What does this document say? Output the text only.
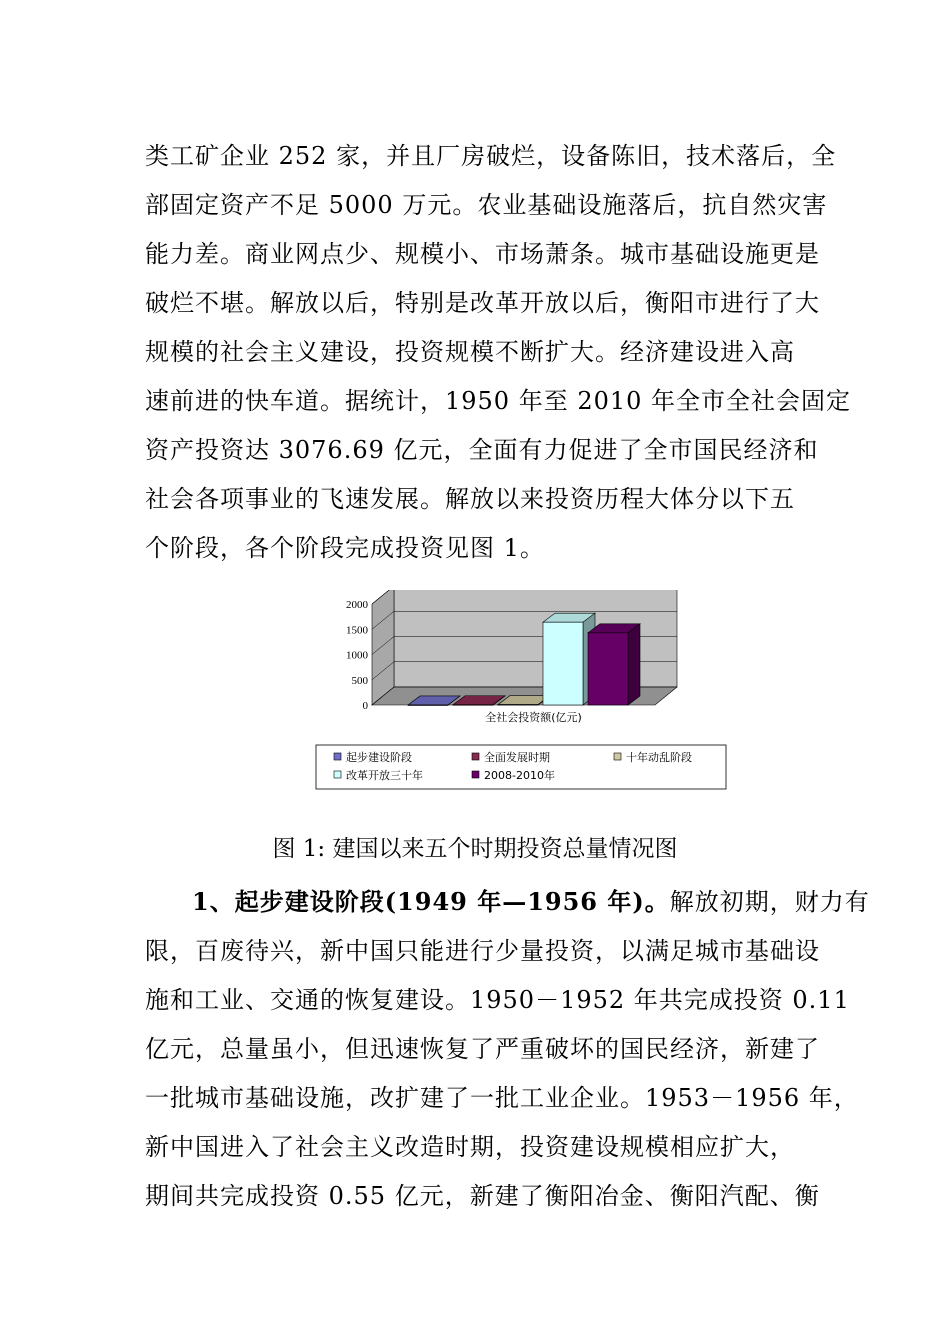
类工矿企业 252 家，并且厂房破烂，设备陈旧，技术落后，全
部固定资产不足 5000 万元。农业基础设施落后，抗自然灾害
能力差。商业网点少、规模小、市场萧条。城市基础设施更是
破烂不堪。解放以后，特别是改革开放以后，衡阳市进行了大
规模的社会主义建设，投资规模不断扩大。经济建设进入高
速前进的快车道。据统计，1950 年至 2010 年全市全社会固定
资产投资达 3076.69 亿元，全面有力促进了全市国民经济和
社会各项事业的飞速发展。解放以来投资历程大体分以下五
个阶段，各个阶段完成投资见图 1。
2000
1500
1000
500
0
全社会投资额(亿元)
起步建设阶段	全面发展时期	十年动乱阶段
改革开放三十年	2008-2010年
图 1: 建国以来五个时期投资总量情况图
1、起步建设阶段(1949 年—1956 年)。解放初期，财力有
限，百废待兴，新中国只能进行少量投资，以满足城市基础设
施和工业、交通的恢复建设。1950－1952 年共完成投资 0.11
亿元，总量虽小，但迅速恢复了严重破坏的国民经济，新建了
一批城市基础设施，改扩建了一批工业企业。1953－1956 年，
新中国进入了社会主义改造时期，投资建设规模相应扩大，
期间共完成投资 0.55 亿元，新建了衡阳冶金、衡阳汽配、衡
